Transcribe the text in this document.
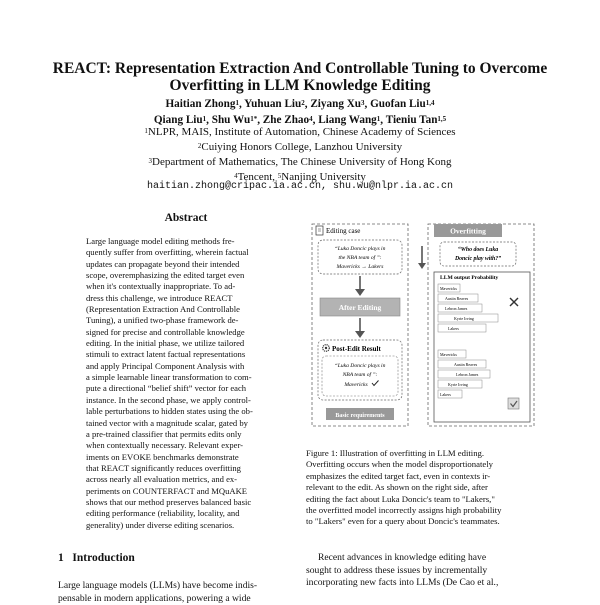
REACT: Representation Extraction And Controllable Tuning to Overcome
Overfitting in LLM Knowledge Editing
Haitian Zhong$^1$, Yuhuan Liu$^2$, Ziyang Xu$^3$, Guofan Liu$^{1,4}$
Qiang Liu$^1$, Shu $Wu^{1*}$, Zhe Zhao$^4$, Liang Wang$^1$, Tieniu Tan$^{1,5}$
$^1$NLPR, MAIS, Institute of Automation, Chinese Academy of Sciences
$^2$Cuiying Honors College, Lanzhou University
$^3$Department of Mathematics, The Chinese University of Hong Kong
$^4$Tencent, $^5$Nanjing University
haitian.zhong@cripac.ia.ac.cn, shu.wu@nlpr.ia.ac.cn
Abstract
Large language model editing methods fre-
quently suffer from overfitting, wherein factual
updates can propagate beyond their intended
scope, overemphasizing the edited target even
when it's contextually inappropriate. To ad-
dress this challenge, we introduce REACT
(Representation Extraction And Controllable
Tuning), a unified two-phase framework de-
signed for precise and controllable knowledge
editing. In the initial phase, we utilize tailored
stimuli to extract latent factual representations
and apply Principal Component Analysis with
a simple learnable linear transformation to com-
pute a directional “belief shift” vector for each
instance. In the second phase, we apply control-
lable perturbations to hidden states using the ob-
tained vector with a magnitude scalar, gated by
a pre-trained classifier that permits edits only
when contextually necessary. Relevant exper-
iments on EVOKE benchmarks demonstrate
that REACT significantly reduces overfitting
across nearly all evaluation metrics, and ex-
periments on COUNTERFACT and MQuAKE
shows that our method preserves balanced basic
editing performance (reliability, locality, and
generality) under diverse editing scenarios.
1 Introduction
Large language models (LLMs) have become indis-
pensable in modern applications, powering a wide
Editing case
“Luka Doncic plays in
the NBA team of ”:
Mavericks → Lakers
After Editing
Post-Edit Result
“Luka Doncic plays in
NBA team of ”:
Mavericks
Basic requirements
Overfitting
“Who does Luka
Doncic play with?”
LLM output Probability
Mavericks
Austin Reaves
Lebron James
Kyrie Irving
Lakers
Mavericks
Austin Reaves
Lebron James
Kyrie Irving
Lakers
Figure 1: Illustration of overfitting in LLM editing.
Overfitting occurs when the model disproportionately
emphasizes the edited target fact, even in contexts ir-
relevant to the edit. As shown on the right side, after
editing the fact about Luka Doncic's team to "Lakers,"
the overfitted model incorrectly assigns high probability
to "Lakers" even for a query about Doncic's teammates.
Recent advances in knowledge editing have
sought to address these issues by incrementally
incorporating new facts into LLMs (De Cao et al.,
